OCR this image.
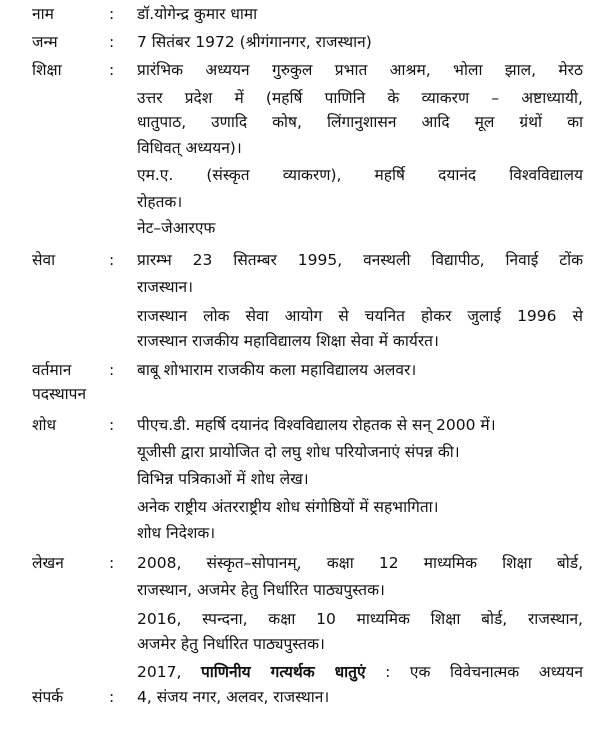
नाम	: डॉ.योगेन्द्र कुमार धामा
जन्म	: 7 सितंबर 1972 (श्रीगंगानगर, राजस्थान)
शिक्षा	: प्रारंभिक अध्ययन गुरुकुल प्रभात आश्रम, भोला झाल, मेरठ
उत्तर प्रदेश में (महर्षि पाणिनि के व्याकरण – अष्टाध्यायी,
धातुपाठ, उणादि कोष, लिंगानुशासन आदि मूल ग्रंथों का
विधिवत् अध्ययन)।
एम.ए. (संस्कृत व्याकरण), महर्षि दयानंद विश्वविद्यालय
रोहतक।
नेट–जेआरएफ
सेवा	: प्रारम्भ 23 सितम्बर 1995, वनस्थली विद्यापीठ, निवाई टोंक
राजस्थान।
राजस्थान लोक सेवा आयोग से चयनित होकर जुलाई 1996 से
राजस्थान राजकीय महाविद्यालय शिक्षा सेवा में कार्यरत।
वर्तमान : बाबू शोभाराम राजकीय कला महाविद्यालय अलवर।
पदस्थापन
शोध	: पीएच.डी. महर्षि दयानंद विश्वविद्यालय रोहतक से सन् 2000 में।
यूजीसी द्वारा प्रायोजित दो लघु शोध परियोजनाएं संपन्न की।
विभिन्न पत्रिकाओं में शोध लेख।
अनेक राष्ट्रीय अंतरराष्ट्रीय शोध संगोष्ठियों में सहभागिता।
शोध निदेशक।
लेखन	: 2008, संस्कृत–सोपानम्, कक्षा 12 माध्यमिक शिक्षा बोर्ड,
राजस्थान, अजमेर हेतु निर्धारित पाठ्यपुस्तक।
2016, स्पन्दना, कक्षा 10 माध्यमिक शिक्षा बोर्ड, राजस्थान,
अजमेर हेतु निर्धारित पाठ्यपुस्तक।
2017, पाणिनीय गत्यर्थक धातुएं : एक विवेचनात्मक अध्ययन
संपर्क	: 4, संजय नगर, अलवर, राजस्थान।
